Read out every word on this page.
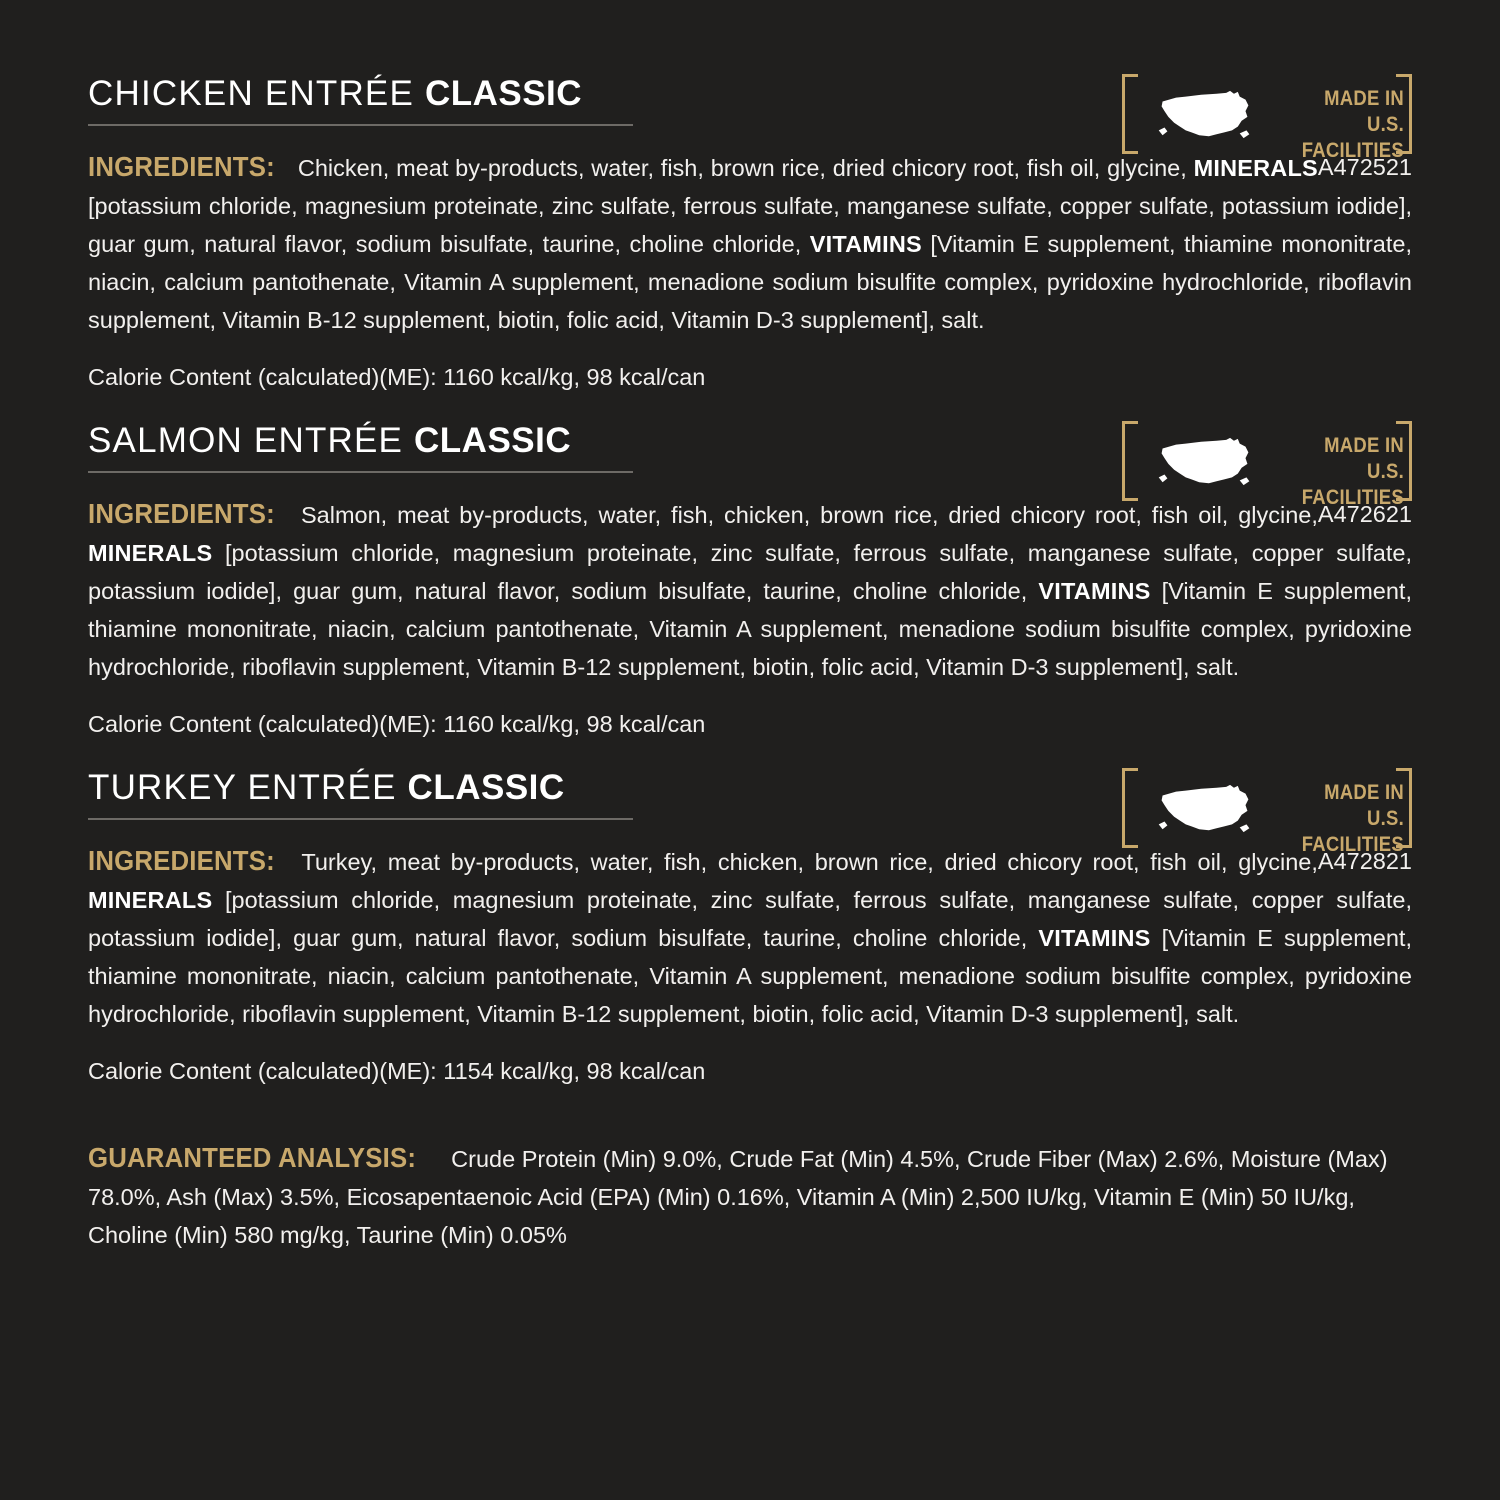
CHICKEN ENTRÉE CLASSIC	MADE IN U.S.
FACILITIES
A472521
INGREDIENTS: Chicken, meat by-products, water, fish, brown rice, dried chicory root, fish oil, glycine, MINERALS [potassium chloride, magnesium proteinate, zinc sulfate, ferrous sulfate, manganese sulfate, copper sulfate, potassium iodide], guar gum, natural flavor, sodium bisulfate, taurine, choline chloride, VITAMINS [Vitamin E supplement, thiamine mononitrate, niacin, calcium pantothenate, Vitamin A supplement, menadione sodium bisulfite complex, pyridoxine hydrochloride, riboflavin supplement, Vitamin B-12 supplement, biotin, folic acid, Vitamin D-3 supplement], salt.
Calorie Content (calculated)(ME): 1160 kcal/kg, 98 kcal/can
SALMON ENTRÉE CLASSIC	MADE IN U.S.
FACILITIES
A472621
INGREDIENTS: Salmon, meat by-products, water, fish, chicken, brown rice, dried chicory root, fish oil, glycine, MINERALS [potassium chloride, magnesium proteinate, zinc sulfate, ferrous sulfate, manganese sulfate, copper sulfate, potassium iodide], guar gum, natural flavor, sodium bisulfate, taurine, choline chloride, VITAMINS [Vitamin E supplement, thiamine mononitrate, niacin, calcium pantothenate, Vitamin A supplement, menadione sodium bisulfite complex, pyridoxine hydrochloride, riboflavin supplement, Vitamin B-12 supplement, biotin, folic acid, Vitamin D-3 supplement], salt.
Calorie Content (calculated)(ME): 1160 kcal/kg, 98 kcal/can
TURKEY ENTRÉE CLASSIC	MADE IN U.S.
FACILITIES
A472821
INGREDIENTS: Turkey, meat by-products, water, fish, chicken, brown rice, dried chicory root, fish oil, glycine, MINERALS [potassium chloride, magnesium proteinate, zinc sulfate, ferrous sulfate, manganese sulfate, copper sulfate, potassium iodide], guar gum, natural flavor, sodium bisulfate, taurine, choline chloride, VITAMINS [Vitamin E supplement, thiamine mononitrate, niacin, calcium pantothenate, Vitamin A supplement, menadione sodium bisulfite complex, pyridoxine hydrochloride, riboflavin supplement, Vitamin B-12 supplement, biotin, folic acid, Vitamin D-3 supplement], salt.
Calorie Content (calculated)(ME): 1154 kcal/kg, 98 kcal/can
GUARANTEED ANALYSIS: Crude Protein (Min) 9.0%, Crude Fat (Min) 4.5%, Crude Fiber (Max) 2.6%, Moisture (Max) 78.0%, Ash (Max) 3.5%, Eicosapentaenoic Acid (EPA) (Min) 0.16%, Vitamin A (Min) 2,500 IU/kg, Vitamin E (Min) 50 IU/kg, Choline (Min) 580 mg/kg, Taurine (Min) 0.05%
